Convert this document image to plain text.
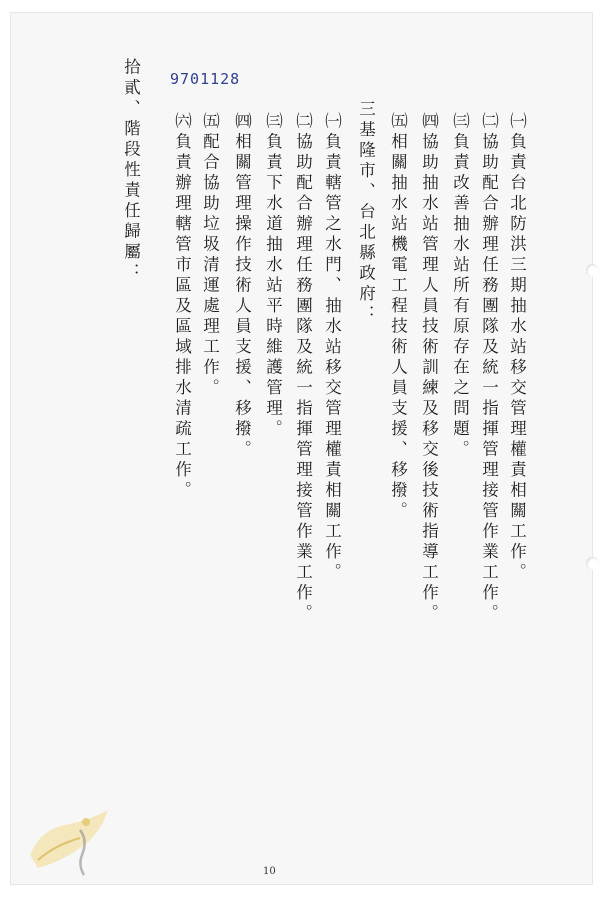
㈠負責台北防洪三期抽水站移交管理權責相關工作。
㈡協助配合辦理任務團隊及統一指揮管理接管作業工作。
㈢負責改善抽水站所有原存在之問題。
㈣協助抽水站管理人員技術訓練及移交後技術指導工作。
㈤相關抽水站機電工程技術人員支援、移撥。
三基隆市、台北縣政府：
㈠負責轄管之水門、抽水站移交管理權責相關工作。
㈡協助配合辦理任務團隊及統一指揮管理接管作業工作。
㈢負責下水道抽水站平時維護管理。
㈣相關管理操作技術人員支援、移撥。
㈤配合協助垃圾清運處理工作。
㈥負責辦理轄管市區及區域排水清疏工作。
拾貳、階段性責任歸屬： 9701128
10
